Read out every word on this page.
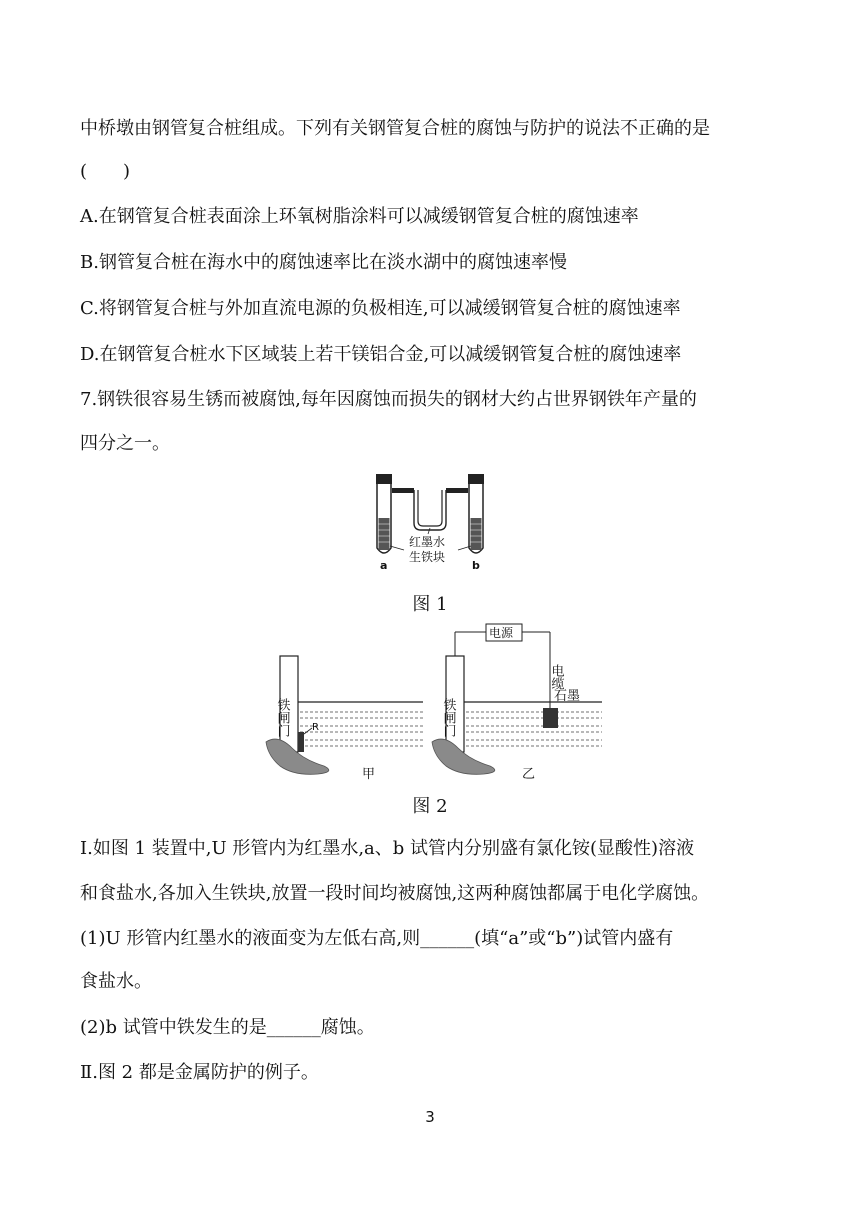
中桥墩由钢管复合桩组成。下列有关钢管复合桩的腐蚀与防护的说法不正确的是
(　　)
A.在钢管复合桩表面涂上环氧树脂涂料可以减缓钢管复合桩的腐蚀速率
B.钢管复合桩在海水中的腐蚀速率比在淡水湖中的腐蚀速率慢
C.将钢管复合桩与外加直流电源的负极相连,可以减缓钢管复合桩的腐蚀速率
D.在钢管复合桩水下区域装上若干镁铝合金,可以减缓钢管复合桩的腐蚀速率
7.钢铁很容易生锈而被腐蚀,每年因腐蚀而损失的钢材大约占世界钢铁年产量的
四分之一。
红墨水
生铁块
a	b
图 1
铁闸门 R
甲
铁闸门
电源
电缆
石墨
乙
图 2
Ⅰ.如图 1 装置中,U 形管内为红墨水,a、b 试管内分别盛有氯化铵(显酸性)溶液
和食盐水,各加入生铁块,放置一段时间均被腐蚀,这两种腐蚀都属于电化学腐蚀。
(1)U 形管内红墨水的液面变为左低右高,则______(填“a”或“b”)试管内盛有
食盐水。
(2)b 试管中铁发生的是______腐蚀。
Ⅱ.图 2 都是金属防护的例子。
3
